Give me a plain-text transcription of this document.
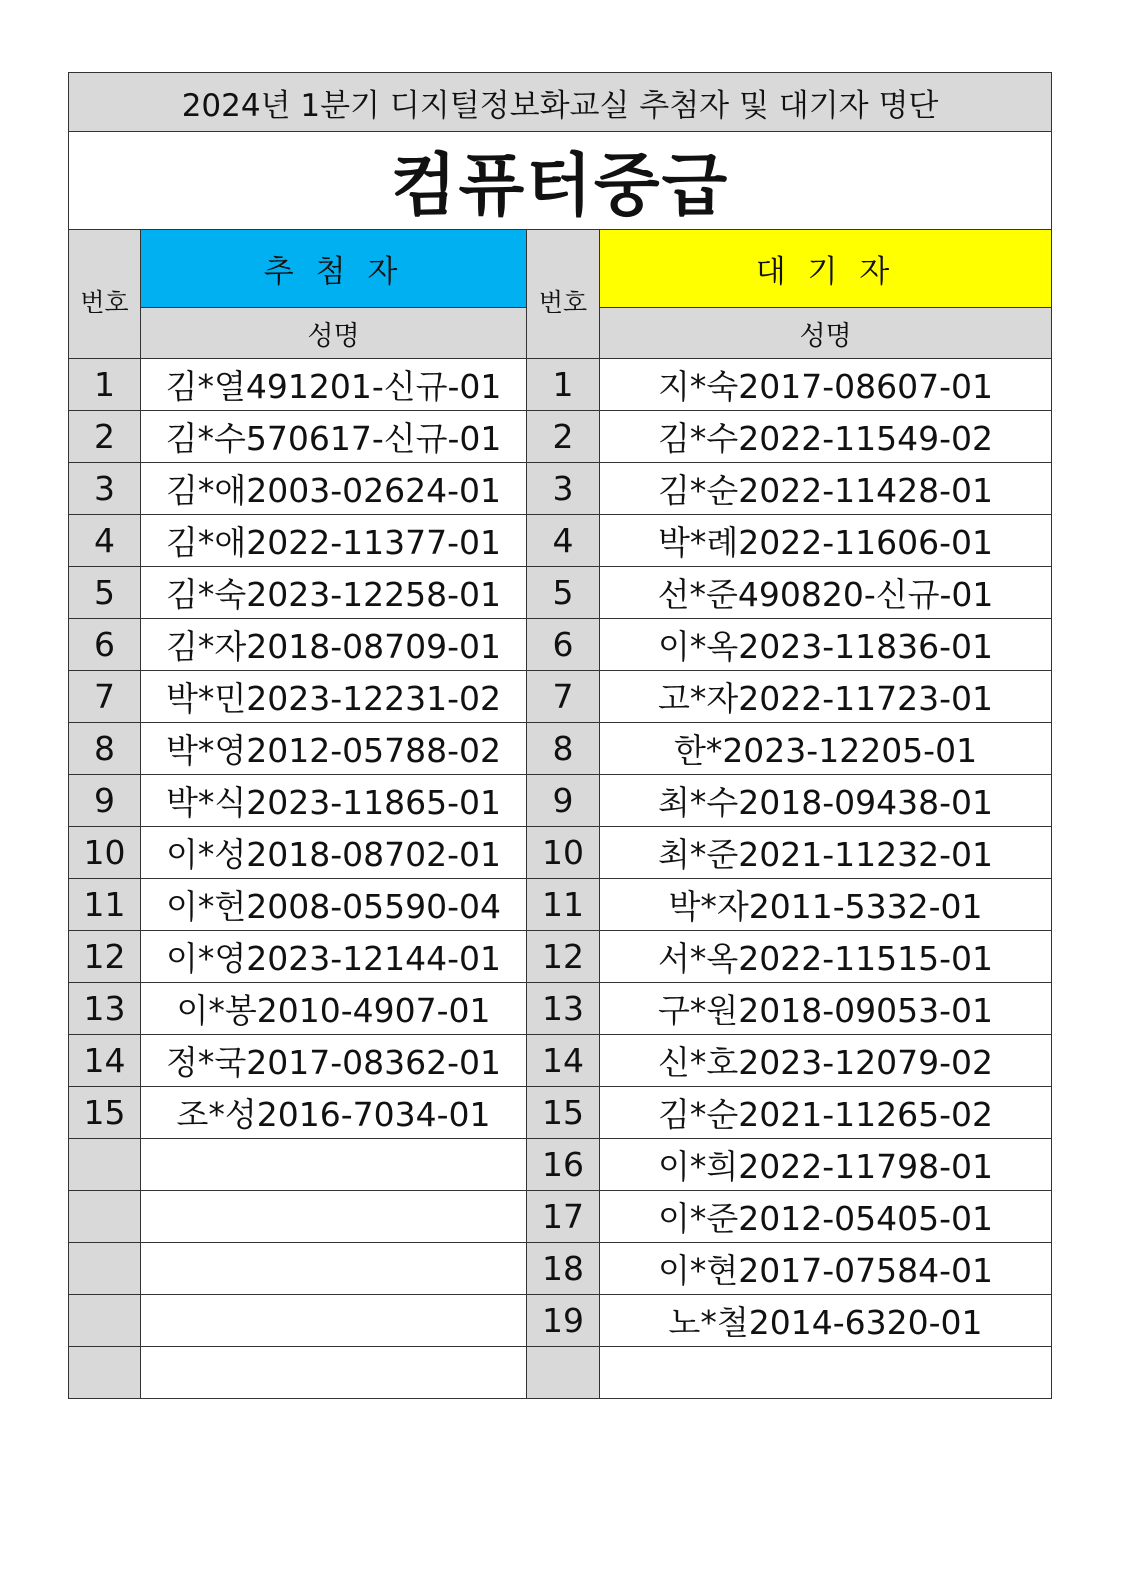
2024년 1분기 디지털정보화교실 추첨자 및 대기자 명단			
컴퓨터중급			
번호	추 첨 자	번호	대 기 자
	성명		성명
1	김*열491201-신규-01	1	지*숙2017-08607-01
2	김*수570617-신규-01	2	김*수2022-11549-02
3	김*애2003-02624-01	3	김*순2022-11428-01
4	김*애2022-11377-01	4	박*례2022-11606-01
5	김*숙2023-12258-01	5	선*준490820-신규-01
6	김*자2018-08709-01	6	이*옥2023-11836-01
7	박*민2023-12231-02	7	고*자2022-11723-01
8	박*영2012-05788-02	8	한*2023-12205-01
9	박*식2023-11865-01	9	최*수2018-09438-01
10	이*성2018-08702-01	10	최*준2021-11232-01
11	이*헌2008-05590-04	11	박*자2011-5332-01
12	이*영2023-12144-01	12	서*옥2022-11515-01
13	이*봉2010-4907-01	13	구*원2018-09053-01
14	정*국2017-08362-01	14	신*호2023-12079-02
15	조*성2016-7034-01	15	김*순2021-11265-02
		16	이*희2022-11798-01
		17	이*준2012-05405-01
		18	이*현2017-07584-01
		19	노*철2014-6320-01
